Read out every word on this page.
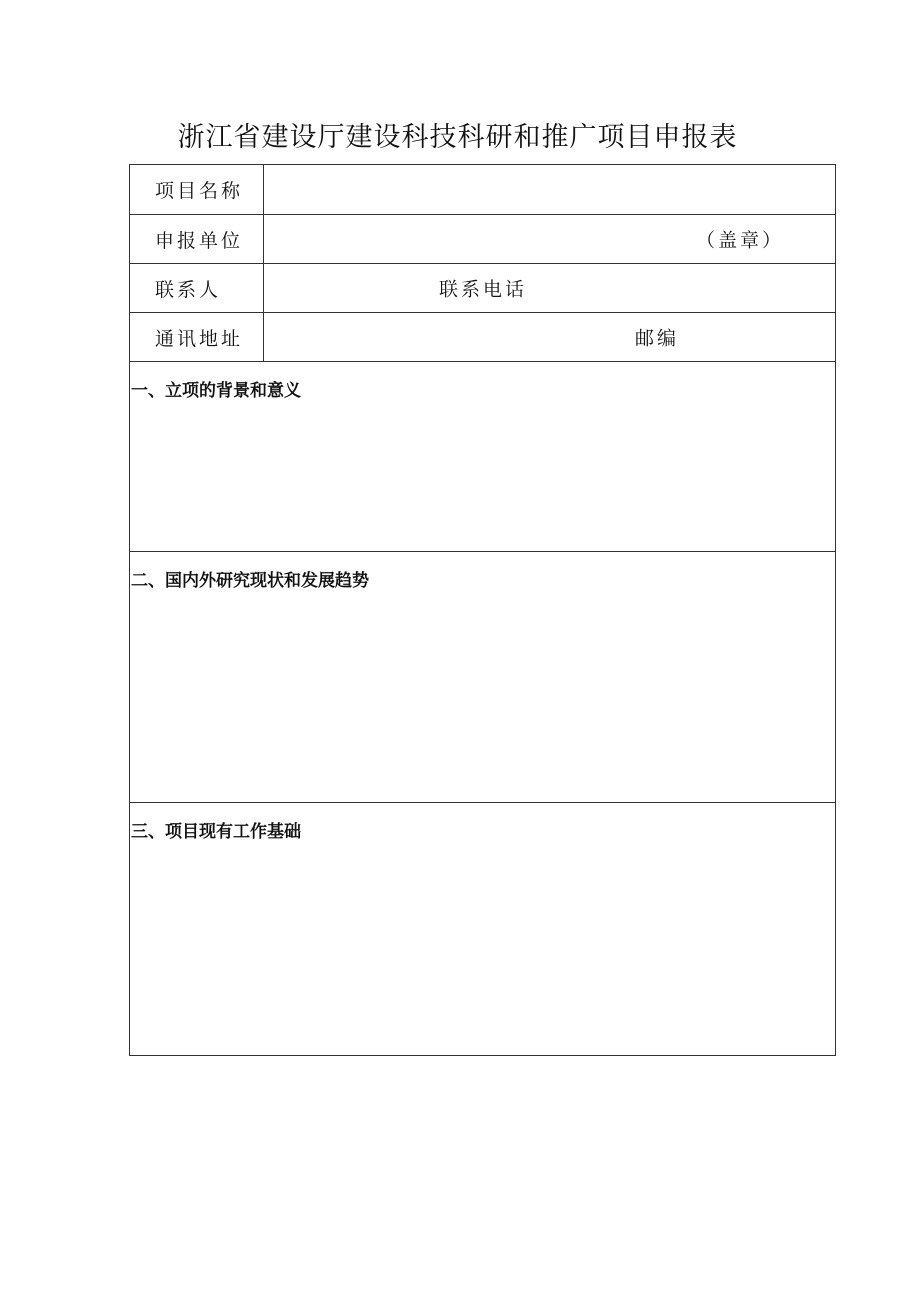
浙江省建设厅建设科技科研和推广项目申报表
项目名称
申报单位	（盖章）
联系人	联系电话
通讯地址	邮编
一、立项的背景和意义
二、国内外研究现状和发展趋势
三、项目现有工作基础
